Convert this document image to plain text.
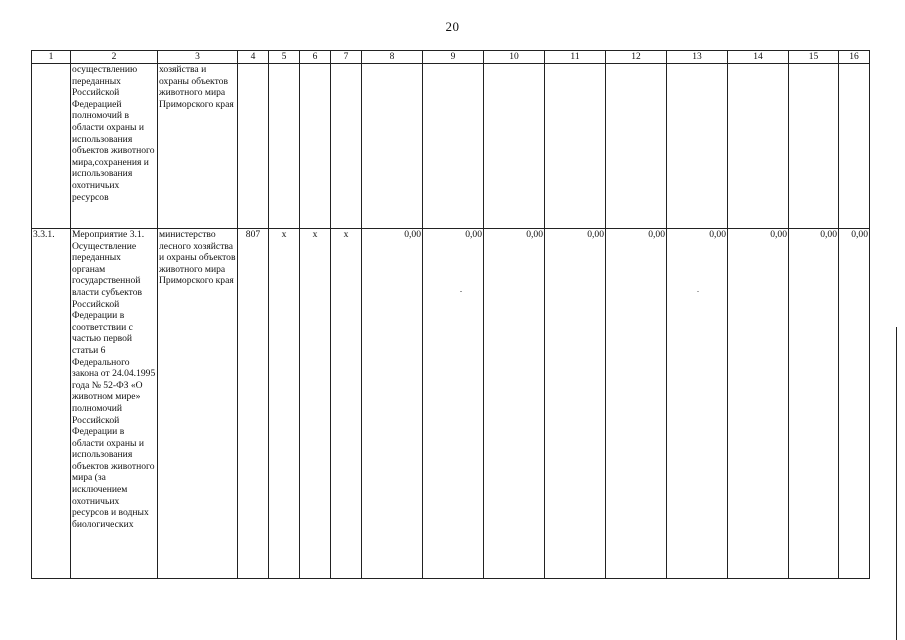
20
1	2	3	4	5	6	7	8	9	10	11	12	13	14	15	16
	осуществлению переданных Российской Федерацией полномочий в области охраны и использования объектов животного мира,сохранения и использования охотничьих ресурсов	хозяйства и охраны объектов животного мира Приморского края													
3.3.1.	Мероприятие 3.1. Осуществление переданных органам государственной власти субъектов Российской Федерации в соответствии с частью первой статьи 6 Федерального закона от 24.04.1995 года № 52-ФЗ «О животном мире» полномочий Российской Федерации в области охраны и использования объектов животного мира (за исключением охотничьих ресурсов и водных биологических	министерство лесного хозяйства и охраны объектов животного мира Приморского края	807	х	х	х	0,00	0,00	0,00	0,00	0,00	0,00	0,00	0,00	0,00
